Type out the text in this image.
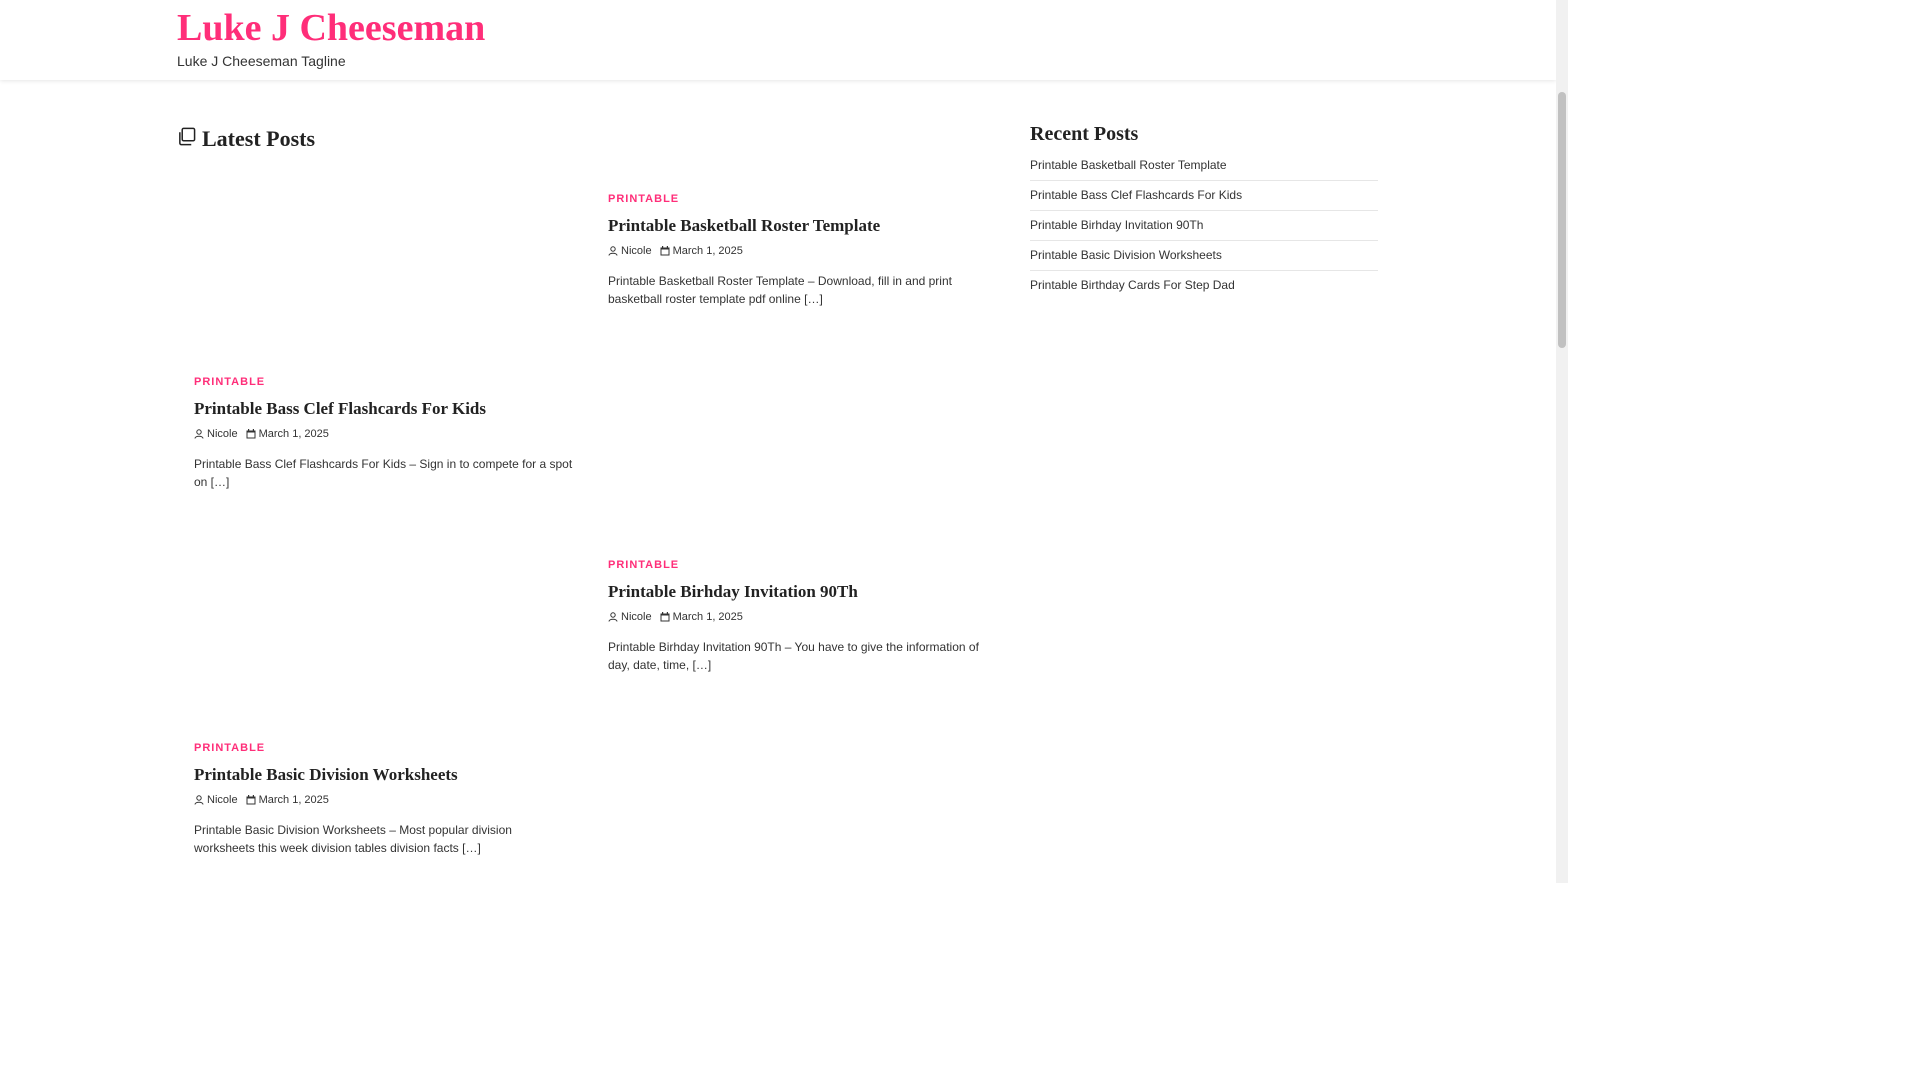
Luke J Cheeseman
Luke J Cheeseman Tagline
Latest Posts
PRINTABLE
Printable Basketball Roster Template
Nicole March 1, 2025

Printable Basketball Roster Template – Download, fill in and print basketball roster template pdf online […]

PRINTABLE
Printable Bass Clef Flashcards For Kids
Nicole March 1, 2025

Printable Bass Clef Flashcards For Kids – Sign in to compete for a spot on […]

PRINTABLE
Printable Birhday Invitation 90Th
Nicole March 1, 2025

Printable Birhday Invitation 90Th – You have to give the information of day, date, time, […]

PRINTABLE
Printable Basic Division Worksheets
Nicole March 1, 2025

Printable Basic Division Worksheets – Most popular division worksheets this week division tables division facts […]

Recent Posts
Printable Basketball Roster Template
Printable Bass Clef Flashcards For Kids
Printable Birhday Invitation 90Th
Printable Basic Division Worksheets
Printable Birthday Cards For Step Dad
